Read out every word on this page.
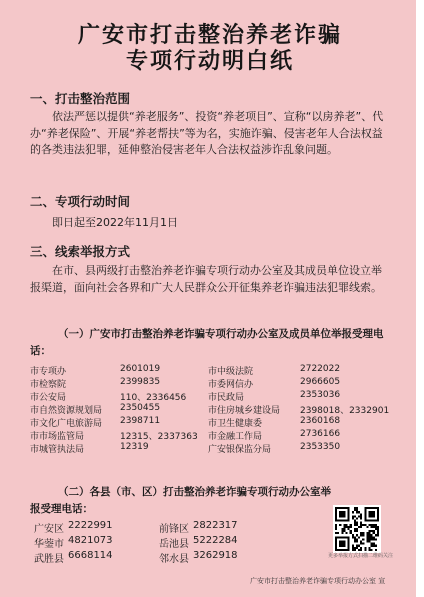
广安市打击整治养老诈骗
专项行动明白纸
一、打击整治范围
依法严惩以提供“养老服务”、投资“养老项目”、宣称“以房养老”、代办“养老保险”、开展“养老帮扶”等为名，实施诈骗、侵害老年人合法权益的各类违法犯罪，延伸整治侵害老年人合法权益涉诈乱象问题。
二、专项行动时间
即日起至2022年11月1日
三、线索举报方式
在市、县两级打击整治养老诈骗专项行动办公室及其成员单位设立举报渠道，面向社会各界和广大人民群众公开征集养老诈骗违法犯罪线索。
（一）广安市打击整治养老诈骗专项行动办公室及成员单位举报受理电话：
市专项办	2601019	市中级法院	2722022
市检察院	2399835	市委网信办	2966605
市公安局	110、2336456	市民政局	2353036
市自然资源规划局	2350455	市住房城乡建设局	2398018、2332901
市文化广电旅游局	2398711	市卫生健康委	2360168
市市场监管局	12315、2337363	市金融工作局	2736166
市城管执法局	12319	广安银保监分局	2353350
（二）各县（市、区）打击整治养老诈骗专项行动办公室举报受理电话：
广安区	2222991	前锋区	2822317
华蓥市	4821073	岳池县	5222284
武胜县	6668114	邻水县	3262918	更多举报方式扫描二维码关注
广安市打击整治养老诈骗专项行动办公室 宣
